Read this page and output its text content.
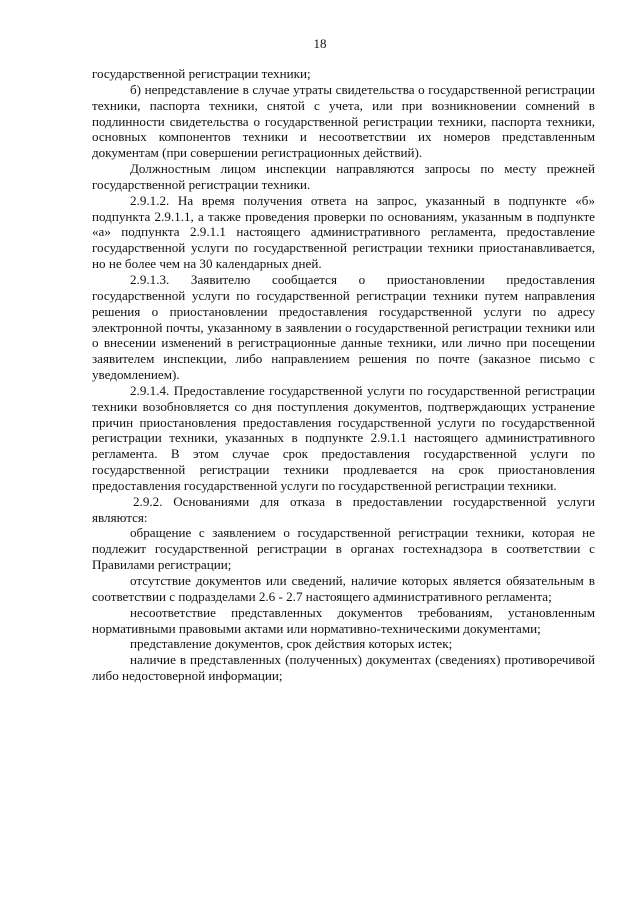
18

государственной регистрации техники;

б) непредставление в случае утраты свидетельства о государственной регистрации техники, паспорта техники, снятой с учета, или при возникновении сомнений в подлинности свидетельства о государственной регистрации техники, паспорта техники, основных компонентов техники и несоответствии их номеров представленным документам (при совершении регистрационных действий).

Должностным лицом инспекции направляются запросы по месту прежней государственной регистрации техники.

2.9.1.2. На время получения ответа на запрос, указанный в подпункте «б» подпункта 2.9.1.1, а также проведения проверки по основаниям, указанным в подпункте «а» подпункта 2.9.1.1 настоящего административного регламента, предоставление государственной услуги по государственной регистрации техники приостанавливается, но не более чем на 30 календарных дней.

2.9.1.3. Заявителю сообщается о приостановлении предоставления государственной услуги по государственной регистрации техники путем направления решения о приостановлении предоставления государственной услуги по адресу электронной почты, указанному в заявлении о государственной регистрации техники или о внесении изменений в регистрационные данные техники, или лично при посещении заявителем инспекции, либо направлением решения по почте (заказное письмо с уведомлением).

2.9.1.4. Предоставление государственной услуги по государственной регистрации техники возобновляется со дня поступления документов, подтверждающих устранение причин приостановления предоставления государственной услуги по государственной регистрации техники, указанных в подпункте 2.9.1.1 настоящего административного регламента. В этом случае срок предоставления государственной услуги по государственной регистрации техники продлевается на срок приостановления предоставления государственной услуги по государственной регистрации техники.

2.9.2. Основаниями для отказа в предоставлении государственной услуги являются:

обращение с заявлением о государственной регистрации техники, которая не подлежит государственной регистрации в органах гостехнадзора в соответствии с Правилами регистрации;

отсутствие документов или сведений, наличие которых является обязательным в соответствии с подразделами 2.6 - 2.7 настоящего административного регламента;

несоответствие представленных документов требованиям, установленным нормативными правовыми актами или нормативно-техническими документами;

представление документов, срок действия которых истек;

наличие в представленных (полученных) документах (сведениях) противоречивой либо недостоверной информации;
